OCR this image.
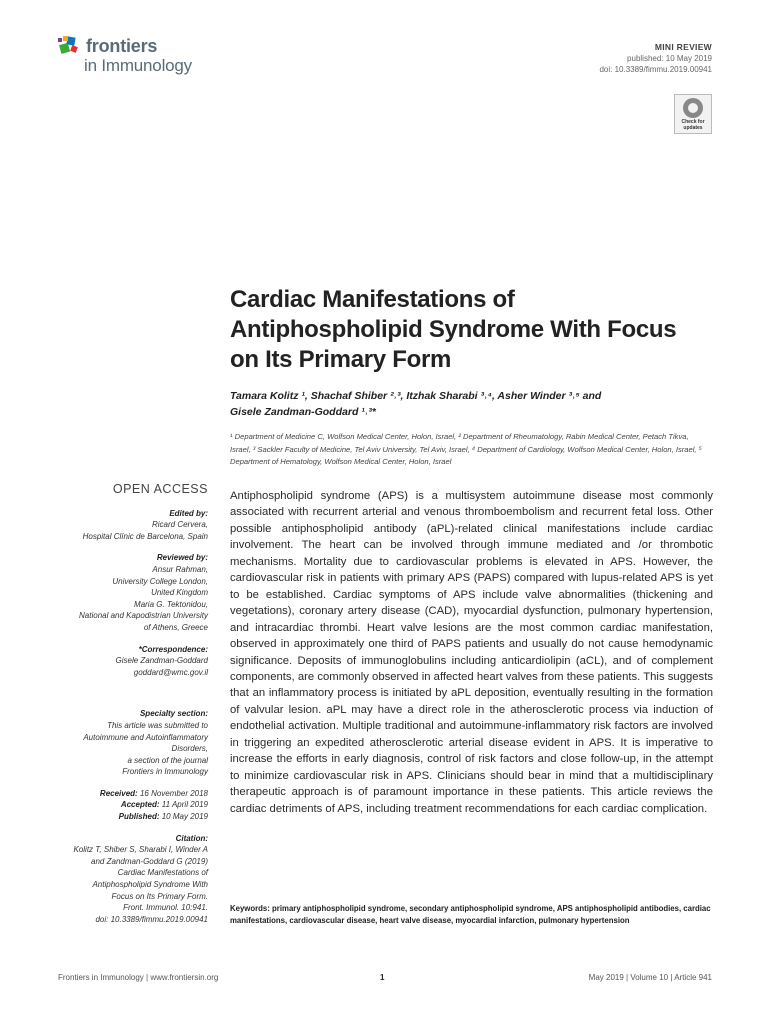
frontiers
in Immunology
MINI REVIEW
published: 10 May 2019
doi: 10.3389/fimmu.2019.00941
Check for
updates
Cardiac Manifestations of Antiphospholipid Syndrome With Focus on Its Primary Form
Tamara Kolitz ¹, Shachaf Shiber ²˒³, Itzhak Sharabi ³˒⁴, Asher Winder ³˒⁵ and
Gisele Zandman-Goddard ¹˒³*
¹ Department of Medicine C, Wolfson Medical Center, Holon, Israel, ² Department of Rheumatology, Rabin Medical Center, Petach Tikva, Israel, ³ Sackler Faculty of Medicine, Tel Aviv University, Tel Aviv, Israel, ⁴ Department of Cardiology, Wolfson Medical Center, Holon, Israel, ⁵ Department of Hematology, Wolfson Medical Center, Holon, Israel
OPEN ACCESS
Edited by:
Ricard Cervera,
Hospital Clínic de Barcelona, Spain
Reviewed by:
Ansur Rahman,
University College London,
United Kingdom
Maria G. Tektonidou,
National and Kapodistrian University
of Athens, Greece
*Correspondence:
Gisele Zandman-Goddard
goddard@wmc.gov.il
Specialty section:
This article was submitted to
Autoimmune and Autoinflammatory
Disorders,
a section of the journal
Frontiers in Immunology
Received: 16 November 2018
Accepted: 11 April 2019
Published: 10 May 2019
Citation:
Kolitz T, Shiber S, Sharabi I, Winder A
and Zandman-Goddard G (2019)
Cardiac Manifestations of
Antiphospholipid Syndrome With
Focus on Its Primary Form.
Front. Immunol. 10:941.
doi: 10.3389/fimmu.2019.00941
Antiphospholipid syndrome (APS) is a multisystem autoimmune disease most commonly associated with recurrent arterial and venous thromboembolism and recurrent fetal loss. Other possible antiphospholipid antibody (aPL)-related clinical manifestations include cardiac involvement. The heart can be involved through immune mediated and /or thrombotic mechanisms. Mortality due to cardiovascular problems is elevated in APS. However, the cardiovascular risk in patients with primary APS (PAPS) compared with lupus-related APS is yet to be established. Cardiac symptoms of APS include valve abnormalities (thickening and vegetations), coronary artery disease (CAD), myocardial dysfunction, pulmonary hypertension, and intracardiac thrombi. Heart valve lesions are the most common cardiac manifestation, observed in approximately one third of PAPS patients and usually do not cause hemodynamic significance. Deposits of immunoglobulins including anticardiolipin (aCL), and of complement components, are commonly observed in affected heart valves from these patients. This suggests that an inflammatory process is initiated by aPL deposition, eventually resulting in the formation of valvular lesion. aPL may have a direct role in the atherosclerotic process via induction of endothelial activation. Multiple traditional and autoimmune-inflammatory risk factors are involved in triggering an expedited atherosclerotic arterial disease evident in APS. It is imperative to increase the efforts in early diagnosis, control of risk factors and close follow-up, in the attempt to minimize cardiovascular risk in APS. Clinicians should bear in mind that a multidisciplinary therapeutic approach is of paramount importance in these patients. This article reviews the cardiac detriments of APS, including treatment recommendations for each cardiac complication.
Keywords: primary antiphospholipid syndrome, secondary antiphospholipid syndrome, APS antiphospholipid antibodies, cardiac manifestations, cardiovascular disease, heart valve disease, myocardial infarction, pulmonary hypertension
Frontiers in Immunology | www.frontiersin.org	1	May 2019 | Volume 10 | Article 941
